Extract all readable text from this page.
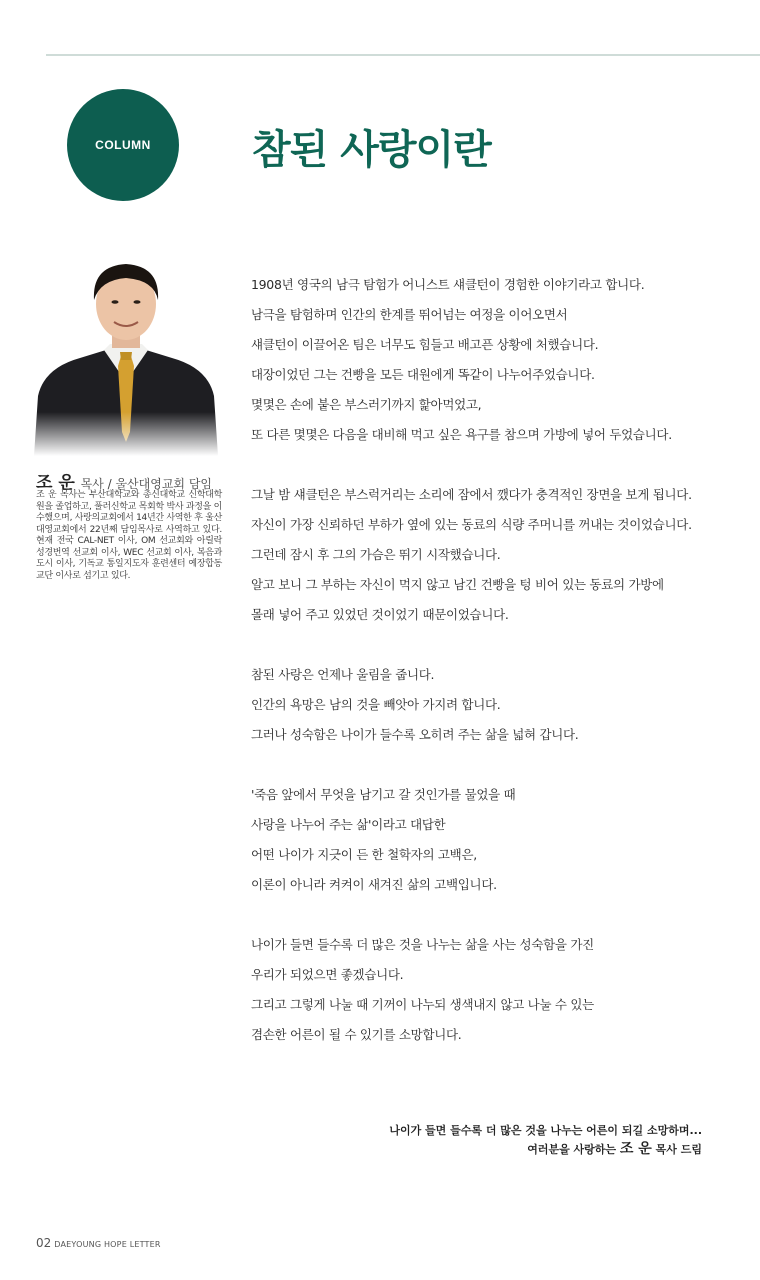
COLUMN	참된 사랑이란
조 운 목사 / 울산대영교회 담임
조 운 목사는 부산대학교와 총신대학교 신학대학원을 졸업하고, 풀러신학교 목회학 박사 과정을 이수했으며, 사랑의교회에서 14년간 사역한 후 울산 대영교회에서 22년째 담임목사로 사역하고 있다. 현재 전국 CAL-NET 이사, OM 선교회와 아릴락 성경번역 선교회 이사, WEC 선교회 이사, 복음과 도시 이사, 기독교 통일지도자 훈련센터 예장합동 교단 이사로 섬기고 있다.

1908년 영국의 남극 탐험가 어니스트 섀클턴이 경험한 이야기라고 합니다.
남극을 탐험하며 인간의 한계를 뛰어넘는 여정을 이어오면서
섀클턴이 이끌어온 팀은 너무도 힘들고 배고픈 상황에 처했습니다.
대장이었던 그는 건빵을 모든 대원에게 똑같이 나누어주었습니다.
몇몇은 손에 붙은 부스러기까지 핥아먹었고,
또 다른 몇몇은 다음을 대비해 먹고 싶은 욕구를 참으며 가방에 넣어 두었습니다.

그날 밤 섀클턴은 부스럭거리는 소리에 잠에서 깼다가 충격적인 장면을 보게 됩니다.
자신이 가장 신뢰하던 부하가 옆에 있는 동료의 식량 주머니를 꺼내는 것이었습니다.
그런데 잠시 후 그의 가슴은 뛰기 시작했습니다.
알고 보니 그 부하는 자신이 먹지 않고 남긴 건빵을 텅 비어 있는 동료의 가방에
몰래 넣어 주고 있었던 것이었기 때문이었습니다.

참된 사랑은 언제나 울림을 줍니다.
인간의 욕망은 남의 것을 빼앗아 가지려 합니다.
그러나 성숙함은 나이가 들수록 오히려 주는 삶을 넓혀 갑니다.

'죽음 앞에서 무엇을 남기고 갈 것인가를 물었을 때
사랑을 나누어 주는 삶'이라고 대답한
어떤 나이가 지긋이 든 한 철학자의 고백은,
이론이 아니라 켜켜이 새겨진 삶의 고백입니다.

나이가 들면 들수록 더 많은 것을 나누는 삶을 사는 성숙함을 가진
우리가 되었으면 좋겠습니다.
그리고 그렇게 나눌 때 기꺼이 나누되 생색내지 않고 나눌 수 있는
겸손한 어른이 될 수 있기를 소망합니다.

나이가 들면 들수록 더 많은 것을 나누는 어른이 되길 소망하며...
여러분을 사랑하는 조 운 목사 드림
02 DAEYOUNG HOPE LETTER
